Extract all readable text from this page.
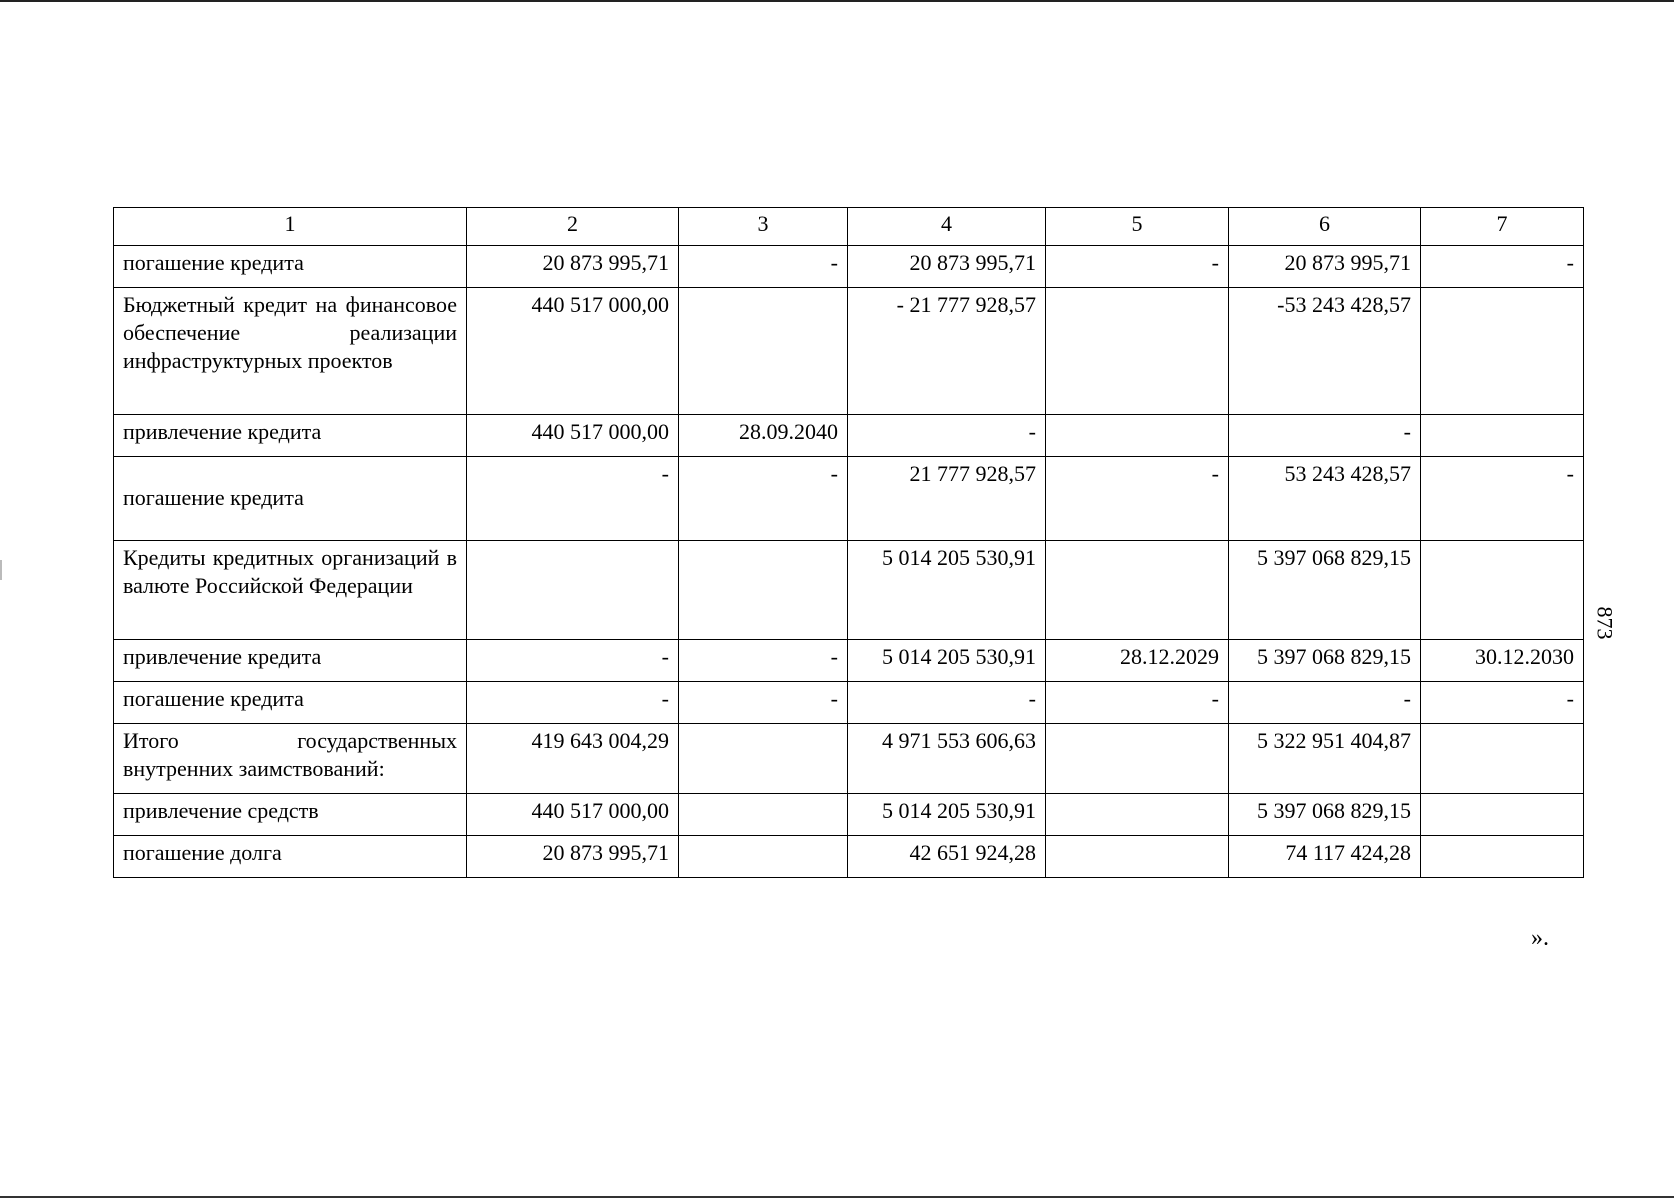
1	2	3	4	5	6	7
погашение кредита	20 873 995,71	-	20 873 995,71	-	20 873 995,71	-
Бюджетный кредит на финансовое обеспечение реализации инфраструктурных проектов	440 517 000,00		- 21 777 928,57		-53 243 428,57	
привлечение кредита	440 517 000,00	28.09.2040	-		-	
погашение кредита	-	-	21 777 928,57	-	53 243 428,57	-
Кредиты кредитных организаций в валюте Российской Федерации			5 014 205 530,91		5 397 068 829,15	
привлечение кредита	-	-	5 014 205 530,91	28.12.2029	5 397 068 829,15	30.12.2030
погашение кредита	-	-	-	-	-	-
Итого государственных внутренних заимствований:	419 643 004,29		4 971 553 606,63		5 322 951 404,87	
привлечение средств	440 517 000,00		5 014 205 530,91		5 397 068 829,15	
погашение долга	20 873 995,71		42 651 924,28		74 117 424,28	
873
».
